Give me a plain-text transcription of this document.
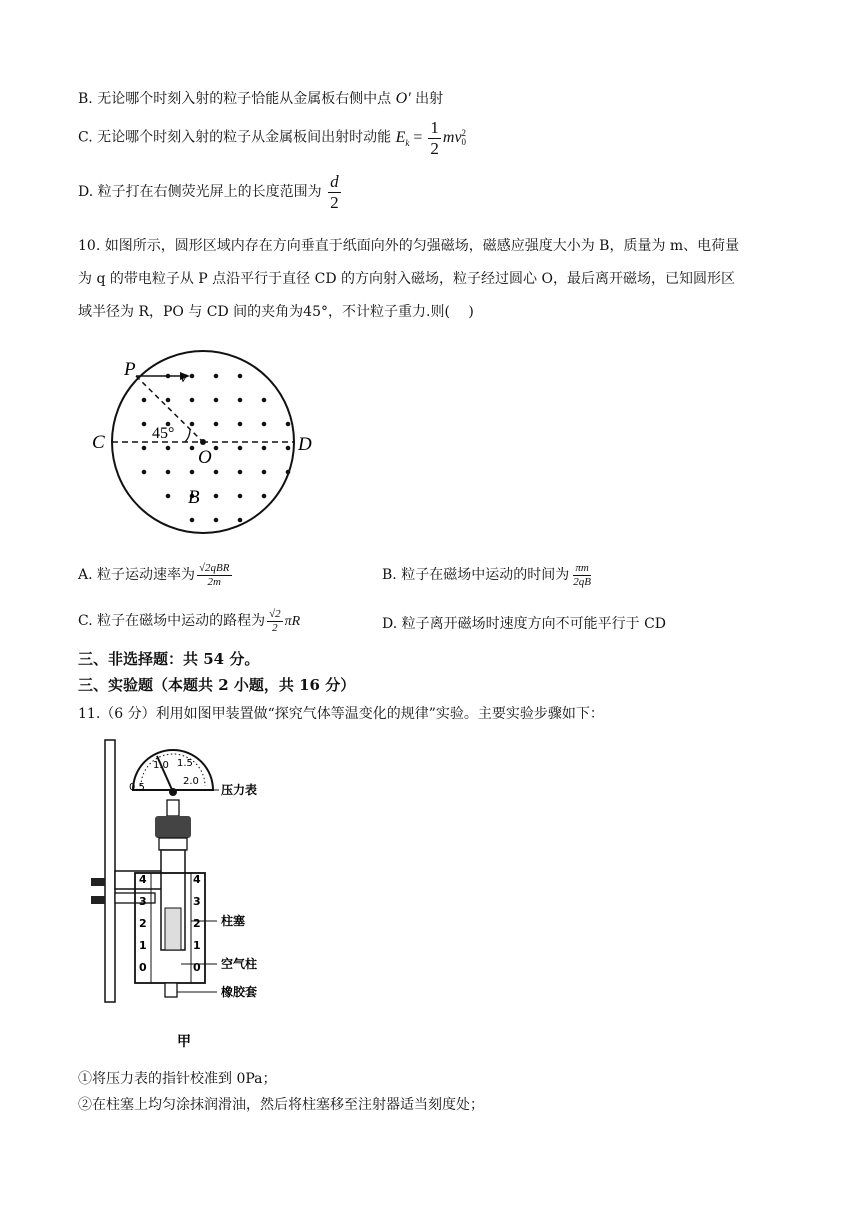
B. 无论哪个时刻入射的粒子恰能从金属板右侧中点 O′ 出射
C. 无论哪个时刻入射的粒子从金属板间出射时动能 $E_k = \frac{1}{2}$ mv 2
0
D. 粒子打在右侧荧光屏上的长度范围为 $\frac{d}{2}$
10. 如图所示，圆形区域内存在方向垂直于纸面向外的匀强磁场，磁感应强度大小为 B，质量为 m、电荷量
为 q 的带电粒子从 P 点沿平行于直径 CD 的方向射入磁场，粒子经过圆心 O，最后离开磁场，已知圆形区
域半径为 R，PO 与 CD 间的夹角为45°，不计粒子重力.则(　 )
P	v
C	D
O
B
45°
A. 粒子运动速率为 $\frac{\text{√2qBR}}{2m}$	B. 粒子在磁场中运动的时间为 $\frac{\pi m}{2qB}$
C. 粒子在磁场中运动的路程为 $\frac{√2}{2}$ πR	D. 粒子离开磁场时速度方向不可能平行于 CD
三、非选择题：共 54 分。
三、实验题（本题共 2 小题，共 16 分）
11.（6 分）利用如图甲装置做“探究气体等温变化的规律”实验。主要实验步骤如下：
0.5
1.0 1.5
2.0
压力表
4
3
2
1
0
4
3
2
1
0
柱塞
空气柱
橡胶套
甲
①将压力表的指针校准到 0Pa；
②在柱塞上均匀涂抹润滑油，然后将柱塞移至注射器适当刻度处；
